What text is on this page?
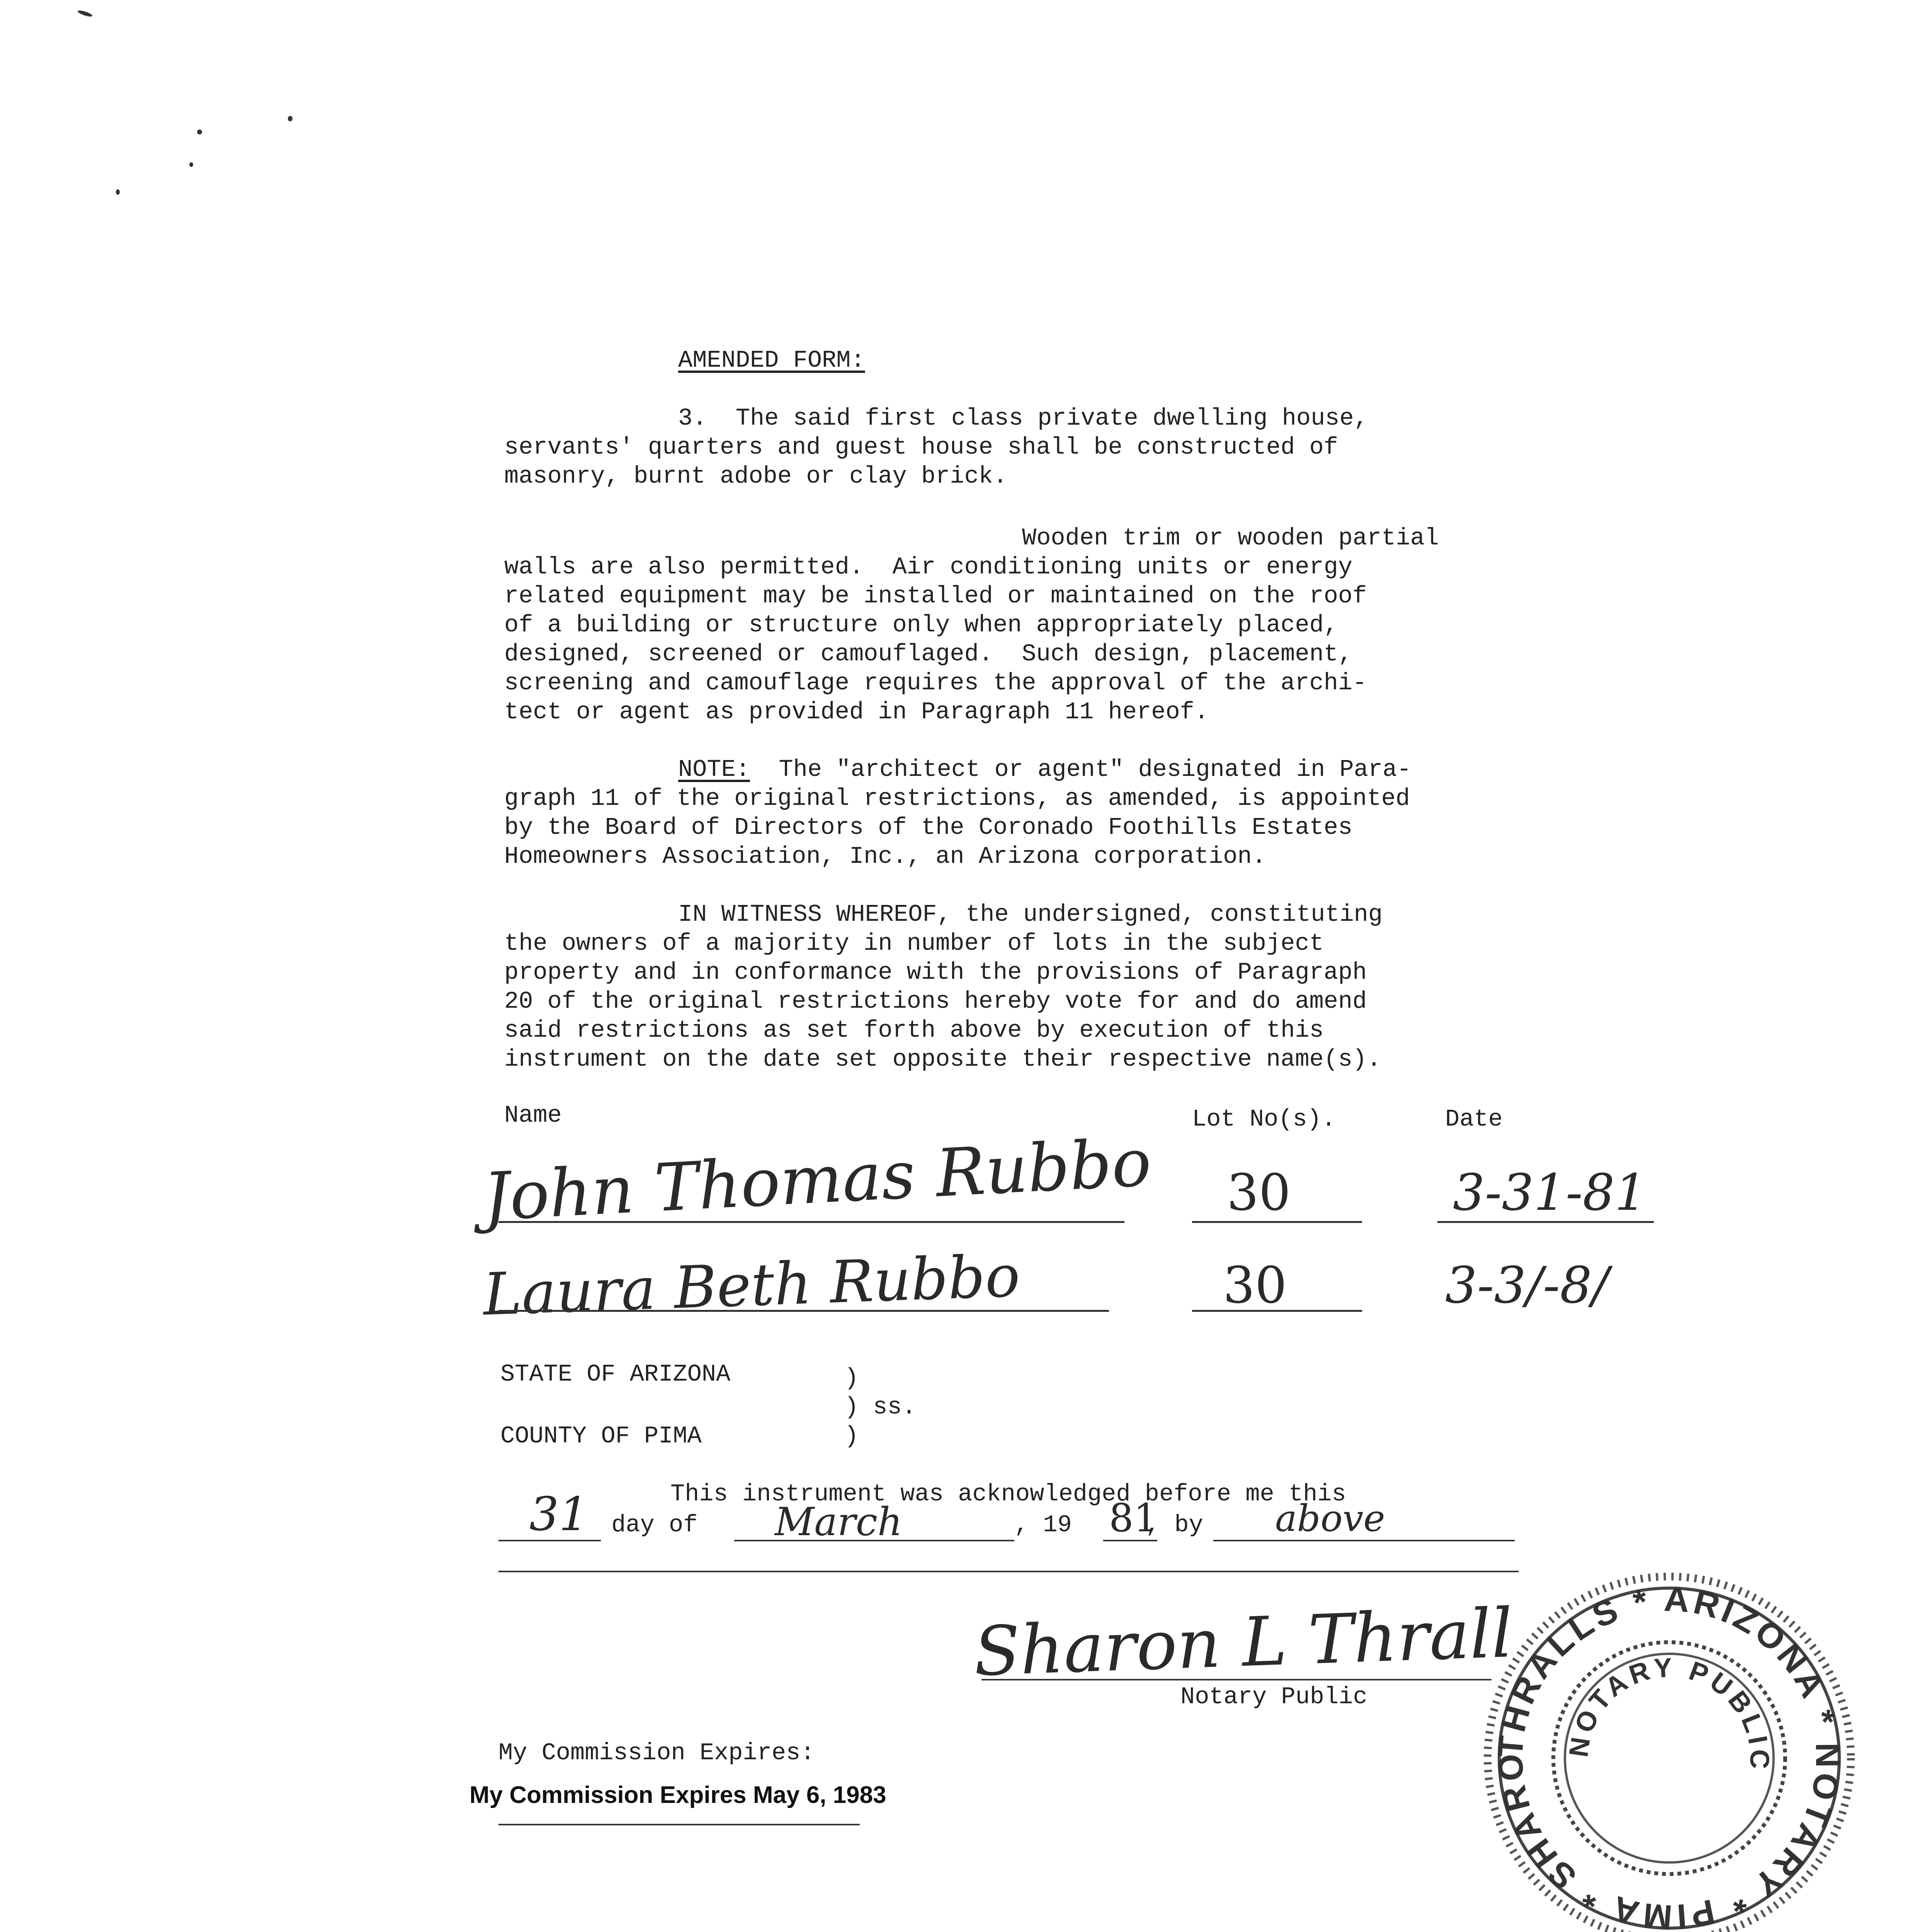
AMENDED FORM:
3.  The said first class private dwelling house,
servants' quarters and guest house shall be constructed of
masonry, burnt adobe or clay brick.
Wooden trim or wooden partial
walls are also permitted.  Air conditioning units or energy
related equipment may be installed or maintained on the roof
of a building or structure only when appropriately placed,
designed, screened or camouflaged.  Such design, placement,
screening and camouflage requires the approval of the archi-
tect or agent as provided in Paragraph 11 hereof.
NOTE:  The "architect or agent" designated in Para-
graph 11 of the original restrictions, as amended, is appointed
by the Board of Directors of the Coronado Foothills Estates
Homeowners Association, Inc., an Arizona corporation.
IN WITNESS WHEREOF, the undersigned, constituting
the owners of a majority in number of lots in the subject
property and in conformance with the provisions of Paragraph
20 of the original restrictions hereby vote for and do amend
said restrictions as set forth above by execution of this
instrument on the date set opposite their respective name(s).
Name	Lot No(s).	Date
John Thomas Rubbo 30	3-31-81
Laura Beth Rubbo	30	3-3/-8/
STATE OF ARIZONA	)
) ss.
COUNTY OF PIMA	)
This instrument was acknowledged before me this
31 day of March	, 19 81
, by above
Sharon L Thrall
Notary Public
My Commission Expires:
My Commission Expires May 6, 1983
THRALLS * ARIZONA * NOTARY * PIMA * SHARO
NOTARY PUBLIC
